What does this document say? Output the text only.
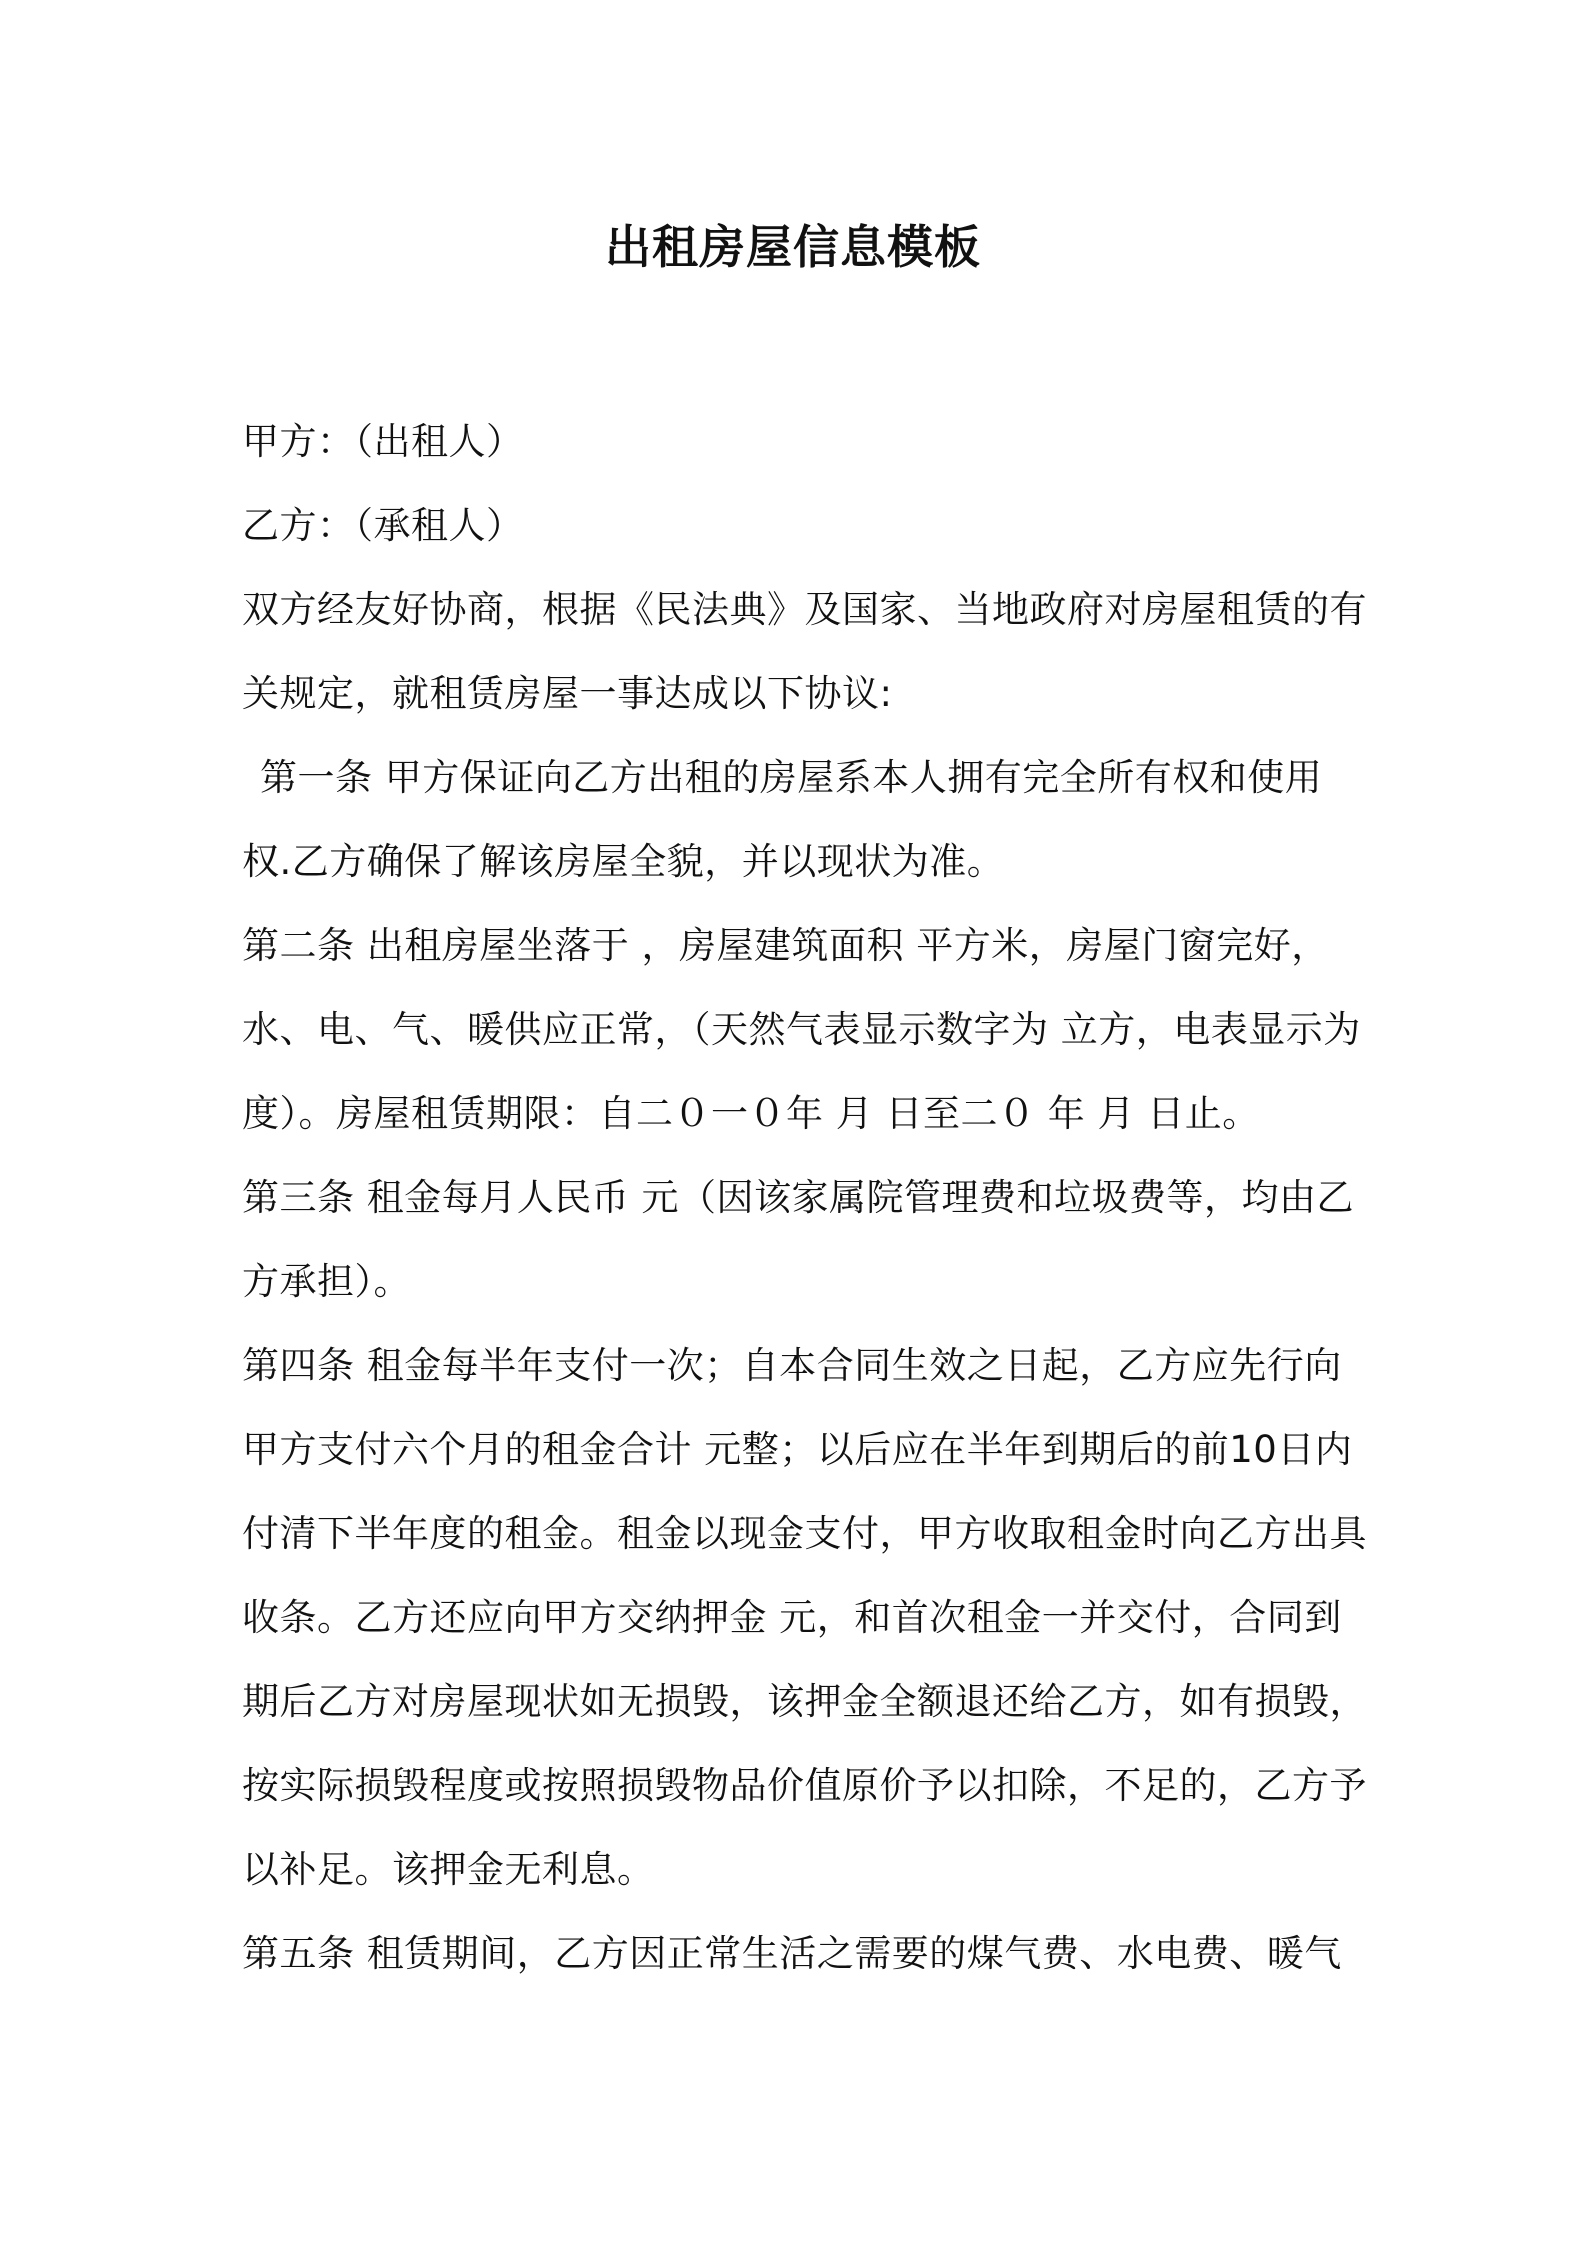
出租房屋信息模板
甲方：（出租人）
乙方：（承租人）
双方经友好协商，根据《民法典》及国家、当地政府对房屋租赁的有
关规定，就租赁房屋一事达成以下协议:
第一条 甲方保证向乙方出租的房屋系本人拥有完全所有权和使用
权.乙方确保了解该房屋全貌，并以现状为准。
第二条 出租房屋坐落于 ，房屋建筑面积 平方米，房屋门窗完好，
水、电、气、暖供应正常，（天然气表显示数字为 立方，电表显示为
度）。房屋租赁期限：自二０一０年 月 日至二０ 年 月 日止。
第三条 租金每月人民币 元（因该家属院管理费和垃圾费等，均由乙
方承担）。
第四条 租金每半年支付一次；自本合同生效之日起，乙方应先行向
甲方支付六个月的租金合计 元整；以后应在半年到期后的前10日内
付清下半年度的租金。租金以现金支付，甲方收取租金时向乙方出具
收条。乙方还应向甲方交纳押金 元，和首次租金一并交付，合同到
期后乙方对房屋现状如无损毁，该押金全额退还给乙方，如有损毁，
按实际损毁程度或按照损毁物品价值原价予以扣除，不足的，乙方予
以补足。该押金无利息。
第五条 租赁期间，乙方因正常生活之需要的煤气费、水电费、暖气
